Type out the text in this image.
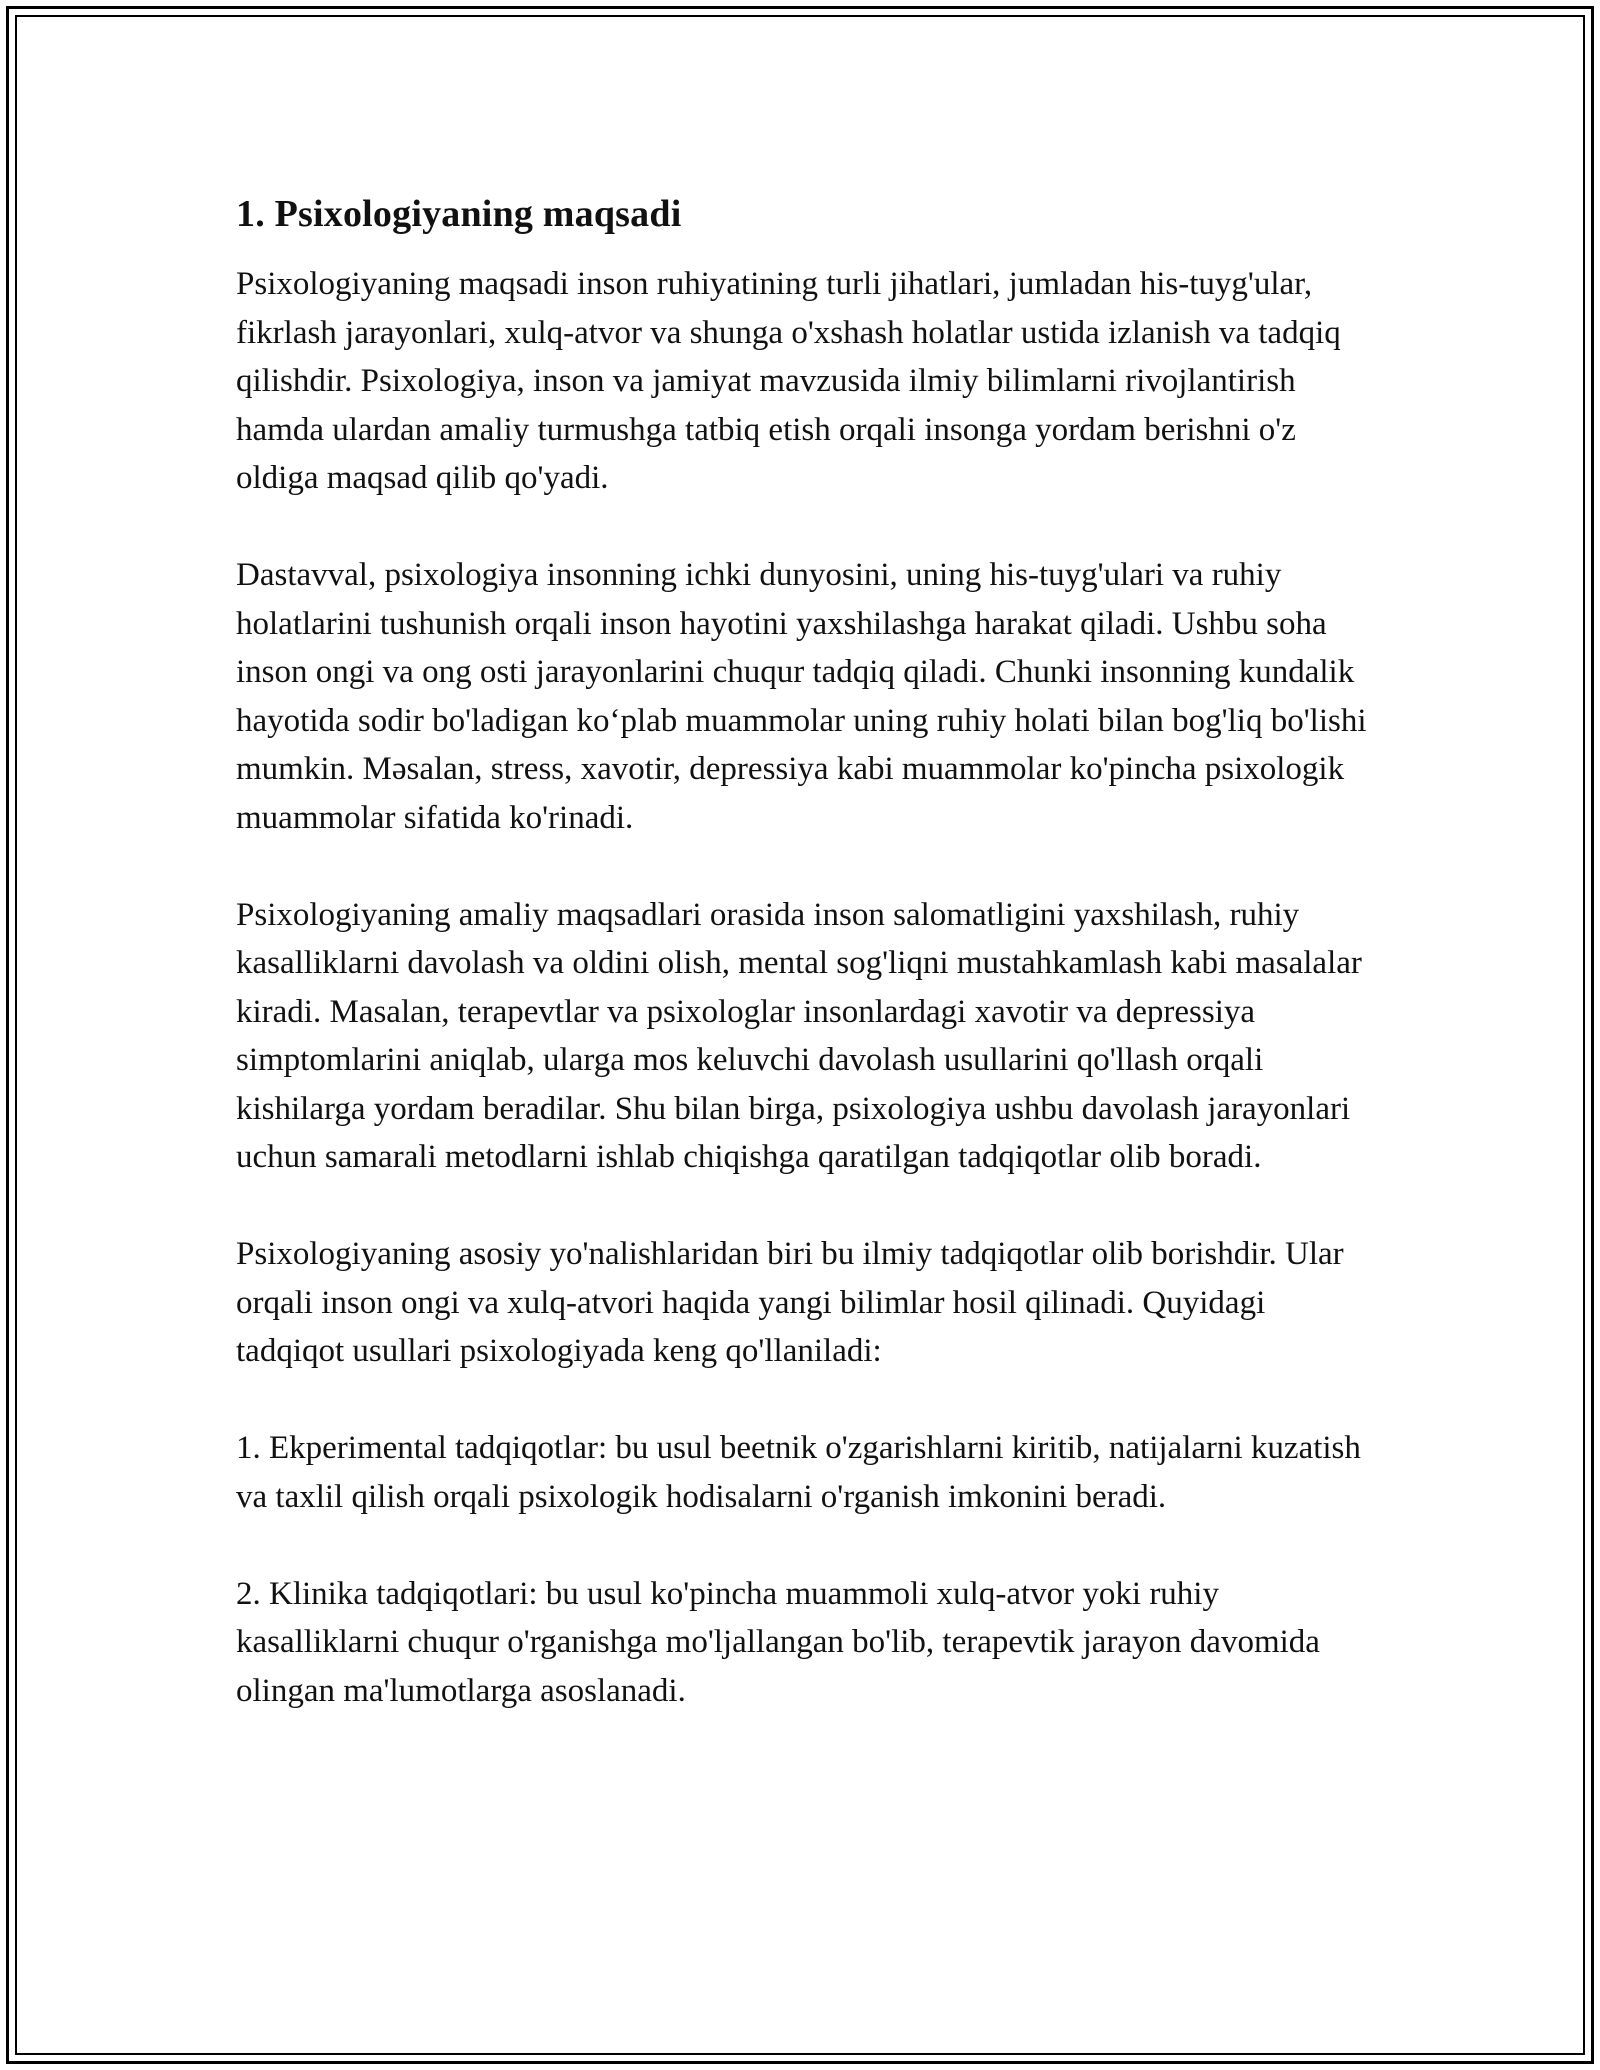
1. Psixologiyaning maqsadi

Psixologiyaning maqsadi inson ruhiyatining turli jihatlari, jumladan his-tuyg'ular, fikrlash jarayonlari, xulq-atvor va shunga o'xshash holatlar ustida izlanish va tadqiq qilishdir. Psixologiya, inson va jamiyat mavzusida ilmiy bilimlarni rivojlantirish hamda ulardan amaliy turmushga tatbiq etish orqali insonga yordam berishni o'z oldiga maqsad qilib qo'yadi.

Dastavval, psixologiya insonning ichki dunyosini, uning his-tuyg'ulari va ruhiy holatlarini tushunish orqali inson hayotini yaxshilashga harakat qiladi. Ushbu soha inson ongi va ong osti jarayonlarini chuqur tadqiq qiladi. Chunki insonning kundalik hayotida sodir bo'ladigan ko‘plab muammolar uning ruhiy holati bilan bog'liq bo'lishi mumkin. Məsalan, stress, xavotir, depressiya kabi muammolar ko'pincha psixologik muammolar sifatida ko'rinadi.

Psixologiyaning amaliy maqsadlari orasida inson salomatligini yaxshilash, ruhiy kasalliklarni davolash va oldini olish, mental sog'liqni mustahkamlash kabi masalalar kiradi. Masalan, terapevtlar va psixologlar insonlardagi xavotir va depressiya simptomlarini aniqlab, ularga mos keluvchi davolash usullarini qo'llash orqali kishilarga yordam beradilar. Shu bilan birga, psixologiya ushbu davolash jarayonlari uchun samarali metodlarni ishlab chiqishga qaratilgan tadqiqotlar olib boradi.

Psixologiyaning asosiy yo'nalishlaridan biri bu ilmiy tadqiqotlar olib borishdir. Ular orqali inson ongi va xulq-atvori haqida yangi bilimlar hosil qilinadi. Quyidagi tadqiqot usullari psixologiyada keng qo'llaniladi:

1. Ekperimental tadqiqotlar: bu usul beetnik o'zgarishlarni kiritib, natijalarni kuzatish va taxlil qilish orqali psixologik hodisalarni o'rganish imkonini beradi.

2. Klinika tadqiqotlari: bu usul ko'pincha muammoli xulq-atvor yoki ruhiy kasalliklarni chuqur o'rganishga mo'ljallangan bo'lib, terapevtik jarayon davomida olingan ma'lumotlarga asoslanadi.
